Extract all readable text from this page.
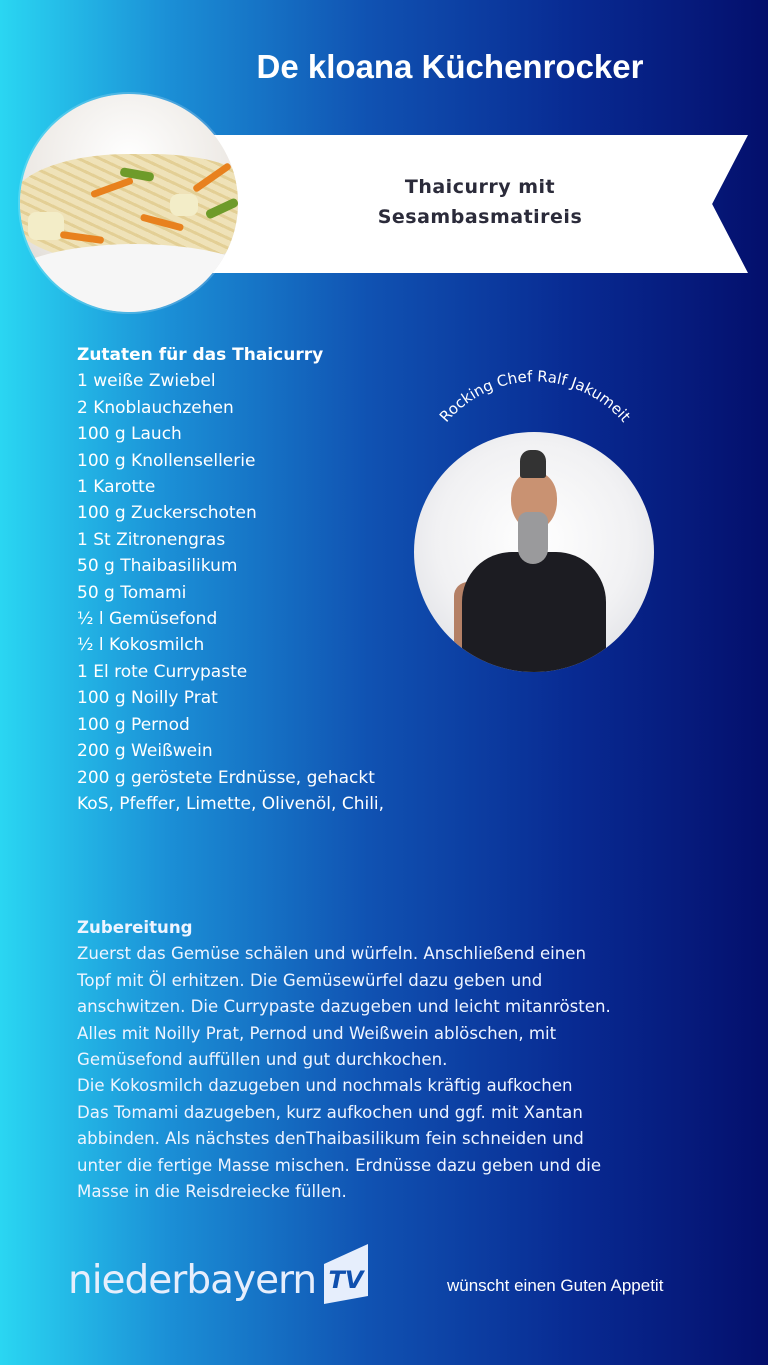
De kloana Küchenrocker
Thaicurry mit
Sesambasmatireis
Rocking Chef Ralf Jakumeit
Zutaten für das Thaicurry
1 weiße Zwiebel
2 Knoblauchzehen
100 g Lauch
100 g Knollensellerie
1 Karotte
100 g Zuckerschoten
1 St Zitronengras
50 g Thaibasilikum
50 g Tomami
½ l Gemüsefond
½ l Kokosmilch
1 El rote Currypaste
100 g Noilly Prat
100 g Pernod
200 g Weißwein
200 g geröstete Erdnüsse, gehackt
KoS, Pfeffer, Limette, Olivenöl, Chili,
Zubereitung
Zuerst das Gemüse schälen und würfeln. Anschließend einen
Topf mit Öl erhitzen. Die Gemüsewürfel dazu geben und
anschwitzen. Die Currypaste dazugeben und leicht mitanrösten.
Alles mit Noilly Prat, Pernod und Weißwein ablöschen, mit
Gemüsefond auffüllen und gut durchkochen.
Die Kokosmilch dazugeben und nochmals kräftig aufkochen
Das Tomami dazugeben, kurz aufkochen und ggf. mit Xantan
abbinden. Als nächstes denThaibasilikum fein schneiden und
unter die fertige Masse mischen. Erdnüsse dazu geben und die
Masse in die Reisdreiecke füllen.
niederbayern TV	wünscht einen Guten Appetit
